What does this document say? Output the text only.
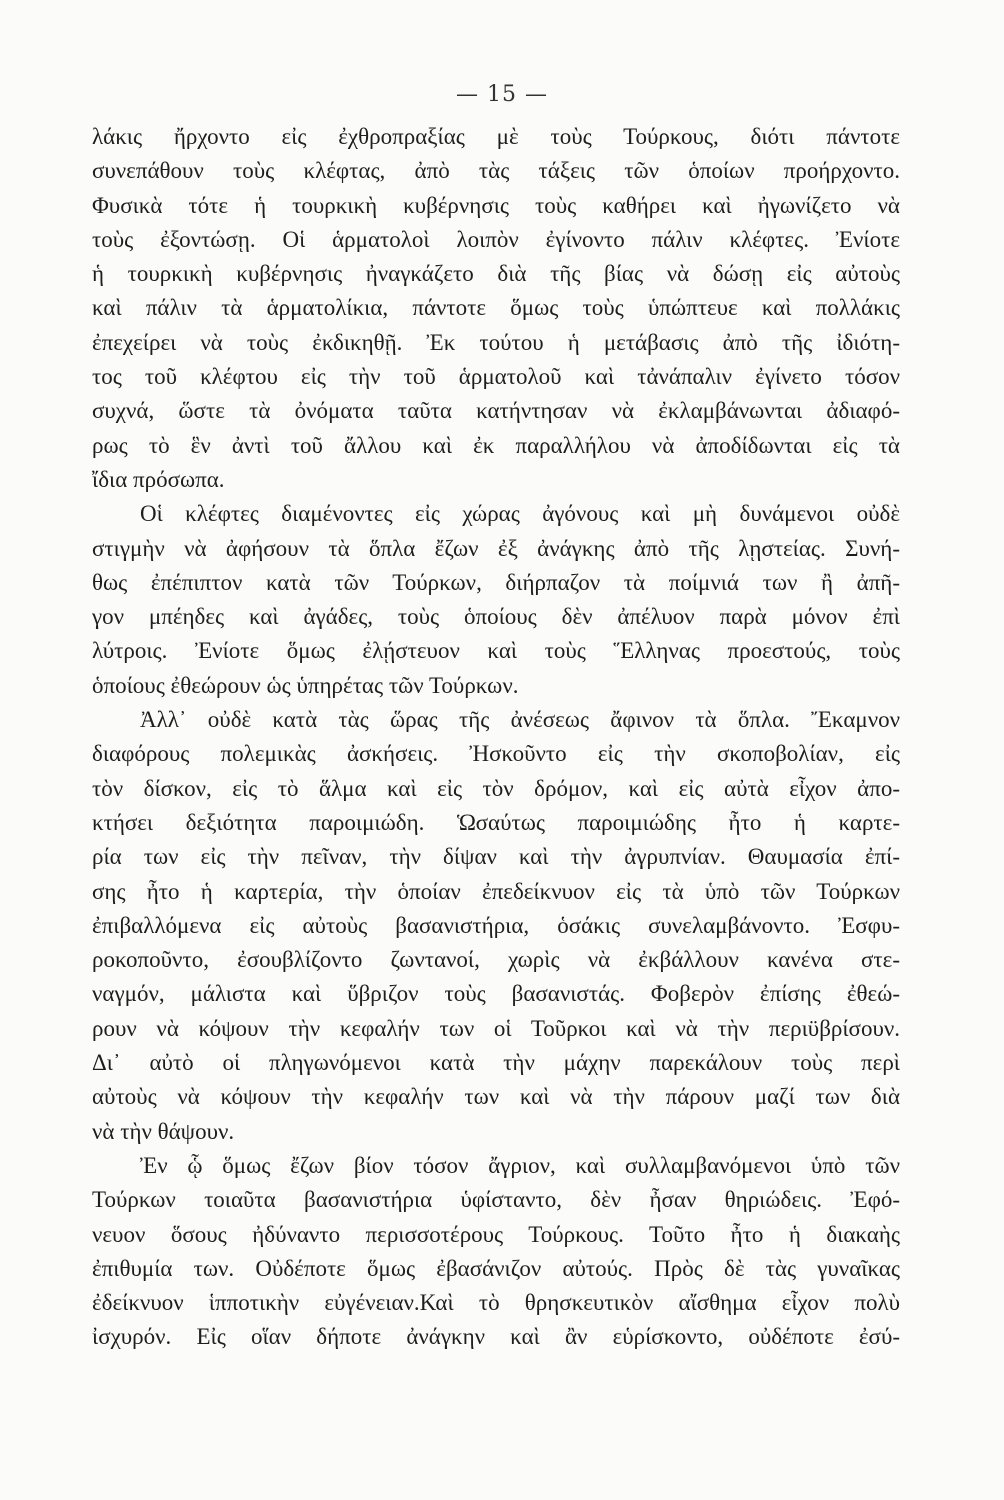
— 15 —
λάκις ἤρχοντο εἰς ἐχθροπραξίας μὲ τοὺς Τούρκους, διότι πάντοτε
συνεπάθουν τοὺς κλέφτας, ἀπὸ τὰς τάξεις τῶν ὁποίων προήρχοντο.
Φυσικὰ τότε ἡ τουρκικὴ κυβέρνησις τοὺς καθήρει καὶ ἠγωνίζετο νὰ
τοὺς ἐξοντώσῃ. Οἱ ἁρματολοὶ λοιπὸν ἐγίνοντο πάλιν κλέφτες. Ἐνίοτε
ἡ τουρκικὴ κυβέρνησις ἠναγκάζετο διὰ τῆς βίας νὰ δώσῃ εἰς αὐτοὺς
καὶ πάλιν τὰ ἁρματολίκια, πάντοτε ὅμως τοὺς ὑπώπτευε καὶ πολλάκις
ἐπεχείρει νὰ τοὺς ἐκδικηθῇ. Ἐκ τούτου ἡ μετάβασις ἀπὸ τῆς ἰδιότη-
τος τοῦ κλέφτου εἰς τὴν τοῦ ἁρματολοῦ καὶ τἀνάπαλιν ἐγίνετο τόσον
συχνά, ὥστε τὰ ὀνόματα ταῦτα κατήντησαν νὰ ἐκλαμβάνωνται ἀδιαφό-
ρως τὸ ἓν ἀντὶ τοῦ ἄλλου καὶ ἐκ παραλλήλου νὰ ἀποδίδωνται εἰς τὰ
ἴδια πρόσωπα.
Οἱ κλέφτες διαμένοντες εἰς χώρας ἀγόνους καὶ μὴ δυνάμενοι οὐδὲ
στιγμὴν νὰ ἀφήσουν τὰ ὅπλα ἔζων ἐξ ἀνάγκης ἀπὸ τῆς λῃστείας. Συνή-
θως ἐπέπιπτον κατὰ τῶν Τούρκων, διήρπαζον τὰ ποίμνιά των ἢ ἀπῆ-
γον μπέηδες καὶ ἀγάδες, τοὺς ὁποίους δὲν ἀπέλυον παρὰ μόνον ἐπὶ
λύτροις. Ἐνίοτε ὅμως ἐλῄστευον καὶ τοὺς Ἕλληνας προεστούς, τοὺς
ὁποίους ἐθεώρουν ὡς ὑπηρέτας τῶν Τούρκων.
Ἀλλ᾽ οὐδὲ κατὰ τὰς ὥρας τῆς ἀνέσεως ἄφινον τὰ ὅπλα. Ἔκαμνον
διαφόρους πολεμικὰς ἀσκήσεις. Ἠσκοῦντο εἰς τὴν σκοποβολίαν, εἰς
τὸν δίσκον, εἰς τὸ ἅλμα καὶ εἰς τὸν δρόμον, καὶ εἰς αὐτὰ εἶχον ἀπο-
κτήσει δεξιότητα παροιμιώδη. Ὡσαύτως παροιμιώδης ἦτο ἡ καρτε-
ρία των εἰς τὴν πεῖναν, τὴν δίψαν καὶ τὴν ἀγρυπνίαν. Θαυμασία ἐπί-
σης ἦτο ἡ καρτερία, τὴν ὁποίαν ἐπεδείκνυον εἰς τὰ ὑπὸ τῶν Τούρκων
ἐπιβαλλόμενα εἰς αὐτοὺς βασανιστήρια, ὁσάκις συνελαμβάνοντο. Ἐσφυ-
ροκοποῦντο, ἐσουβλίζοντο ζωντανοί, χωρὶς νὰ ἐκβάλλουν κανένα στε-
ναγμόν, μάλιστα καὶ ὕβριζον τοὺς βασανιστάς. Φοβερὸν ἐπίσης ἐθεώ-
ρουν νὰ κόψουν τὴν κεφαλήν των οἱ Τοῦρκοι καὶ νὰ τὴν περιϋβρίσουν.
Δι᾽ αὐτὸ οἱ πληγωνόμενοι κατὰ τὴν μάχην παρεκάλουν τοὺς περὶ
αὐτοὺς νὰ κόψουν τὴν κεφαλήν των καὶ νὰ τὴν πάρουν μαζί των διὰ
νὰ τὴν θάψουν.
Ἐν ᾧ ὅμως ἔζων βίον τόσον ἄγριον, καὶ συλλαμβανόμενοι ὑπὸ τῶν
Τούρκων τοιαῦτα βασανιστήρια ὑφίσταντο, δὲν ἦσαν θηριώδεις. Ἐφό-
νευον ὅσους ἠδύναντο περισσοτέρους Τούρκους. Τοῦτο ἦτο ἡ διακαὴς
ἐπιθυμία των. Οὐδέποτε ὅμως ἐβασάνιζον αὐτούς. Πρὸς δὲ τὰς γυναῖκας
ἐδείκνυον ἱπποτικὴν εὐγένειαν.Καὶ τὸ θρησκευτικὸν αἴσθημα εἶχον πολὺ
ἰσχυρόν. Εἰς οἵαν δήποτε ἀνάγκην καὶ ἂν εὑρίσκοντο, οὐδέποτε ἐσύ-
